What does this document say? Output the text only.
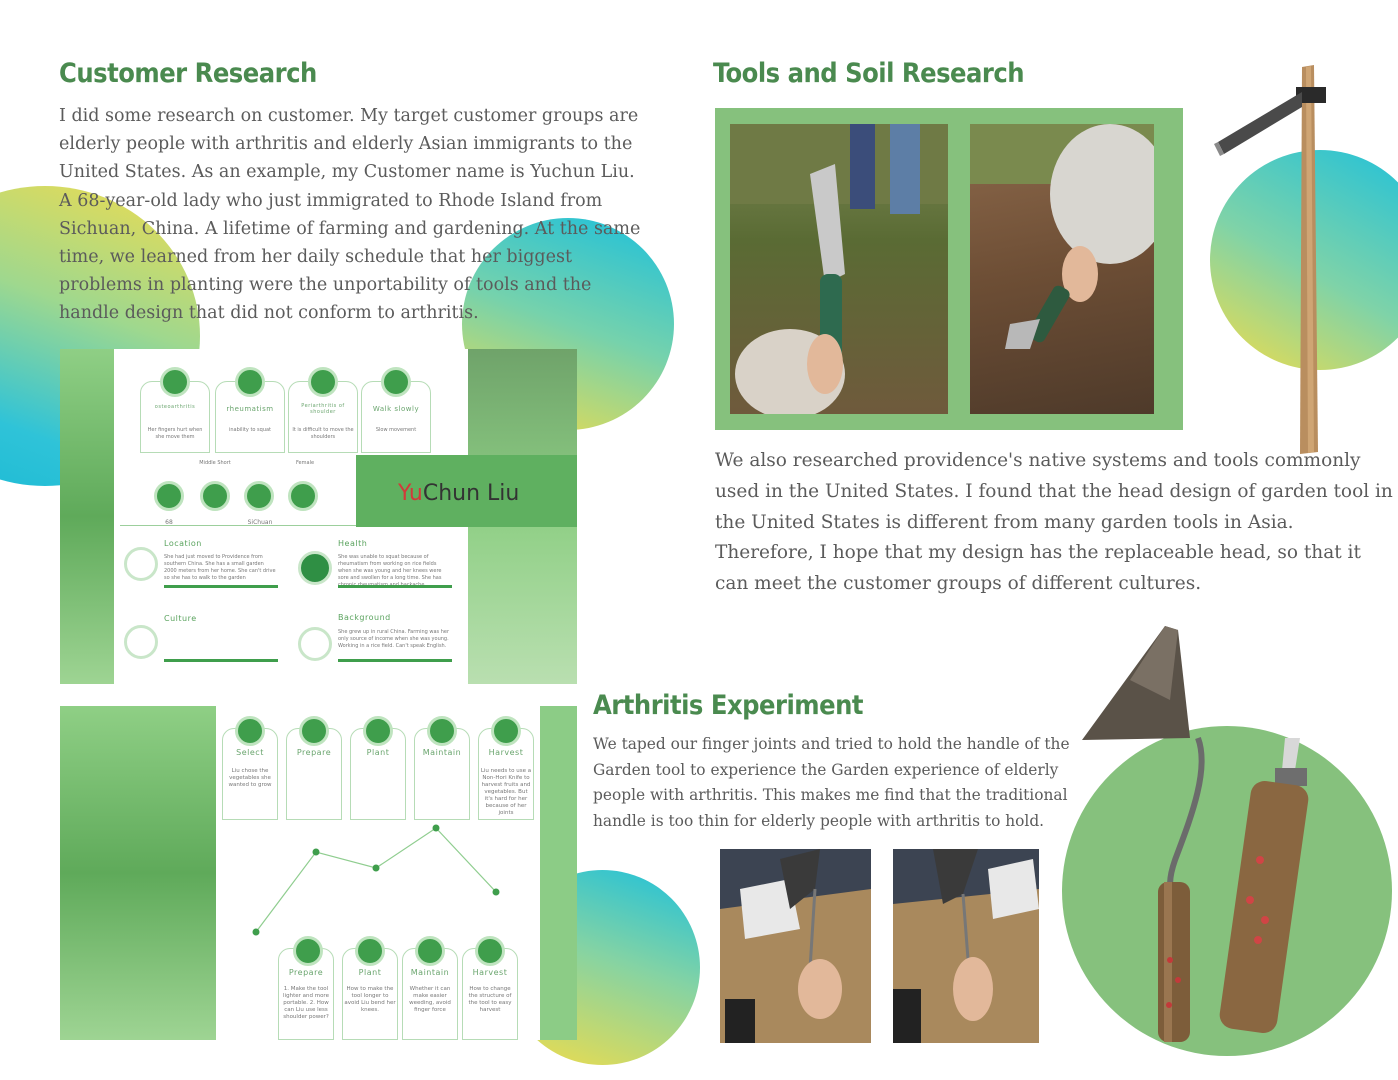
Customer Research
I did some research on customer. My target customer groups are elderly people with arthritis and elderly Asian immigrants to the United States. As an example, my Customer name is Yuchun Liu. A 68-year-old lady who just immigrated to Rhode Island from Sichuan, China. A lifetime of farming and gardening. At the same time, we learned from her daily schedule that her biggest problems in planting were the unportability of tools and the handle design that did not conform to arthritis.
Tools and Soil Research
We also researched providence's native systems and tools commonly used in the United States. I found that the head design of garden tool in the United States is different from many garden tools in Asia. Therefore, I hope that my design has the replaceable head, so that it can meet the customer groups of different cultures.
Arthritis Experiment
We taped our finger joints and tried to hold the handle of the Garden tool to experience the Garden experience of elderly people with arthritis. This makes me find that the traditional handle is too thin for elderly people with arthritis to hold.
YuChun Liu
osteoarthritis
Her fingers hurt when she move them
rheumatism
inability to squat
Periarthritis of shoulder
It is difficult to move the shoulders
Walk slowly
Slow movement
Middle Short	Female
68	SiChuan
Location
She had just moved to Providence from southern China. She has a small garden 2000 meters from her home. She can't drive so she has to walk to the garden
Health
She was unable to squat because of rheumatism from working on rice fields when she was young and her knees were sore and swollen for a long time. She has
Culture	Background
She grew up in rural China. Farming was her only source of income when she was young. Working in a rice field. Can't speak English.
Select
Liu chose the vegetables she wanted to grow
Prepare	Plant	Maintain	Harvest
Liu needs to use a Non-Hori Knife to harvest fruits and vegetables. But it's hard for her because of her joints
Prepare
1. Make the tool lighter and more portable. 2. How can Liu use less shoulder power?
Plant
How to make the tool longer to avoid Liu bend her knees.
Maintain
Whether it can make easier weeding, avoid finger force
Harvest
How to change the structure of the tool to easy harvest
